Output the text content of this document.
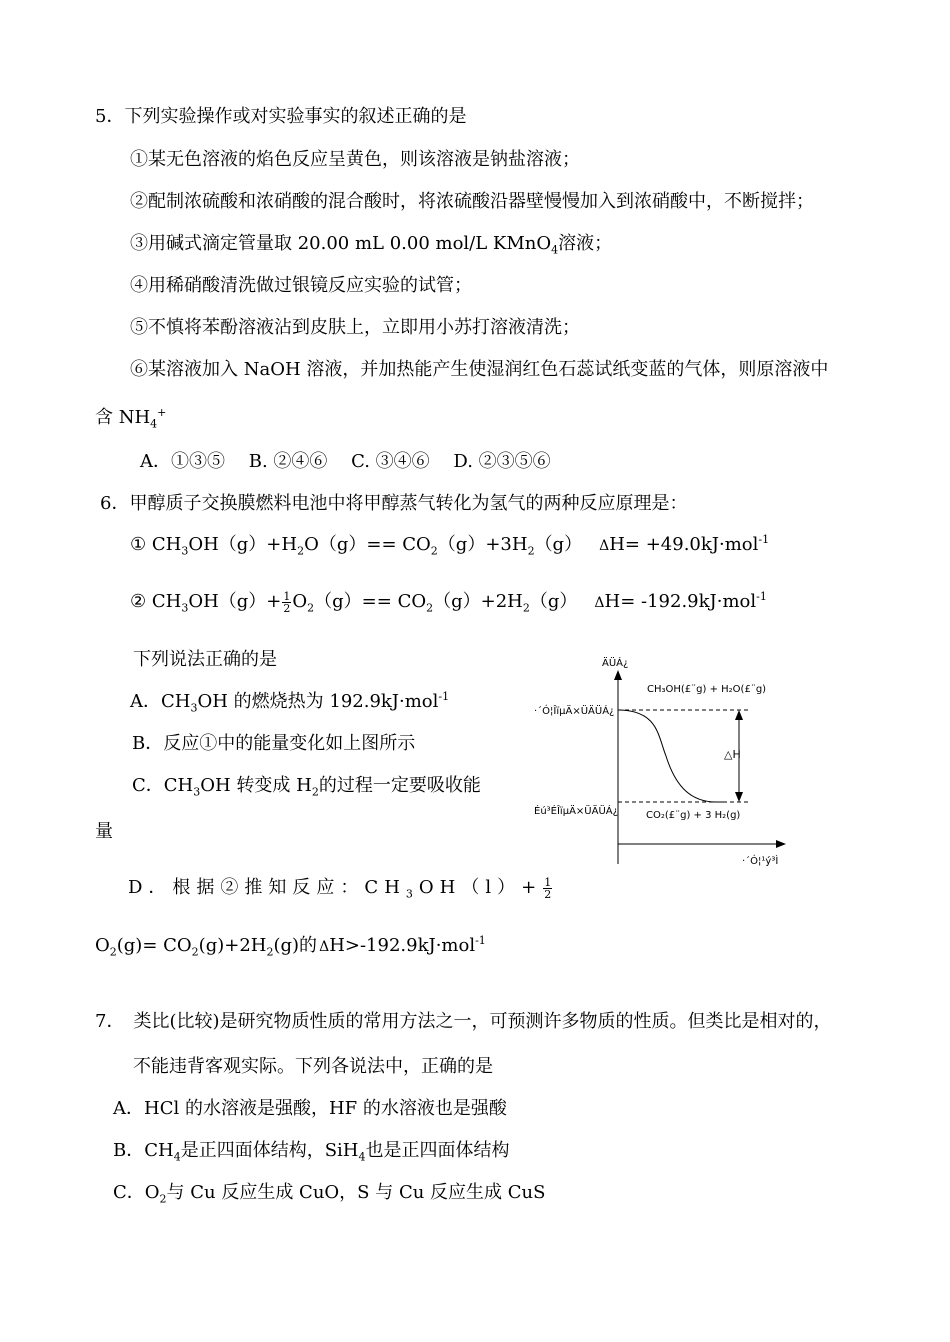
5．下列实验操作或对实验事实的叙述正确的是
①某无色溶液的焰色反应呈黄色，则该溶液是钠盐溶液；
②配制浓硫酸和浓硝酸的混合酸时，将浓硫酸沿器壁慢慢加入到浓硝酸中，不断搅拌；
③用碱式滴定管量取 20.00 mL 0.00 mol/L KMnO$_4$溶液；
④用稀硝酸清洗做过银镜反应实验的试管；
⑤不慎将苯酚溶液沾到皮肤上，立即用小苏打溶液清洗；
⑥某溶液加入 NaOH 溶液，并加热能产生使湿润红色石蕊试纸变蓝的气体，则原溶液中
含 $NH_4^+$
A．①③⑤　 B. ②④⑥　 C. ③④⑥　 D. ②③⑤⑥
6．甲醇质子交换膜燃料电池中将甲醇蒸气转化为氢气的两种反应原理是：
① $CH_3OH(g)+H_2O(g)== CO_2(g)+3H_2(g)$　ΔH= +49.0kJ·mol$^{-1}$
② $CH_3OH(g)+ \frac{1}{2} O_2(g)== CO_2(g)+2H_2(g)$　ΔH= -192.9kJ·mol$^{-1}$
下列说法正确的是
A．$CH_3OH$ 的燃烧热为 192.9kJ·mol$^{-1}$
B．反应①中的能量变化如上图所示
C．$CH_3OH$ 转变成 $H_2$的过程一定要吸收能
量
D．根据②推知反应：$CH_3OH(l)+ \frac{1}{2}$
$O_2(g)= CO_2(g)+2H_2(g)$的 ΔH>-192.9kJ·mol$^{-1}$
ÄÜÁ¿
·´Ó¦¹ý³Ì
·´Ó¦ÎïµÄ×ÜÄÜÁ¿
Éú³ÉÎïµÄ×ÜÄÜÁ¿
CH₃OH(£¨g) + H₂O(£¨g)
CO₂(£¨g) + 3 H₂(g)
△H
7．　类比(比较)是研究物质性质的常用方法之一，可预测许多物质的性质。但类比是相对的，
不能违背客观实际。下列各说法中，正确的是
A．HCl 的水溶液是强酸，HF 的水溶液也是强酸
B．$CH_4$是正四面体结构，SiH$_4$也是正四面体结构
C．$O_2$与 Cu 反应生成 CuO，S 与 Cu 反应生成 CuS
